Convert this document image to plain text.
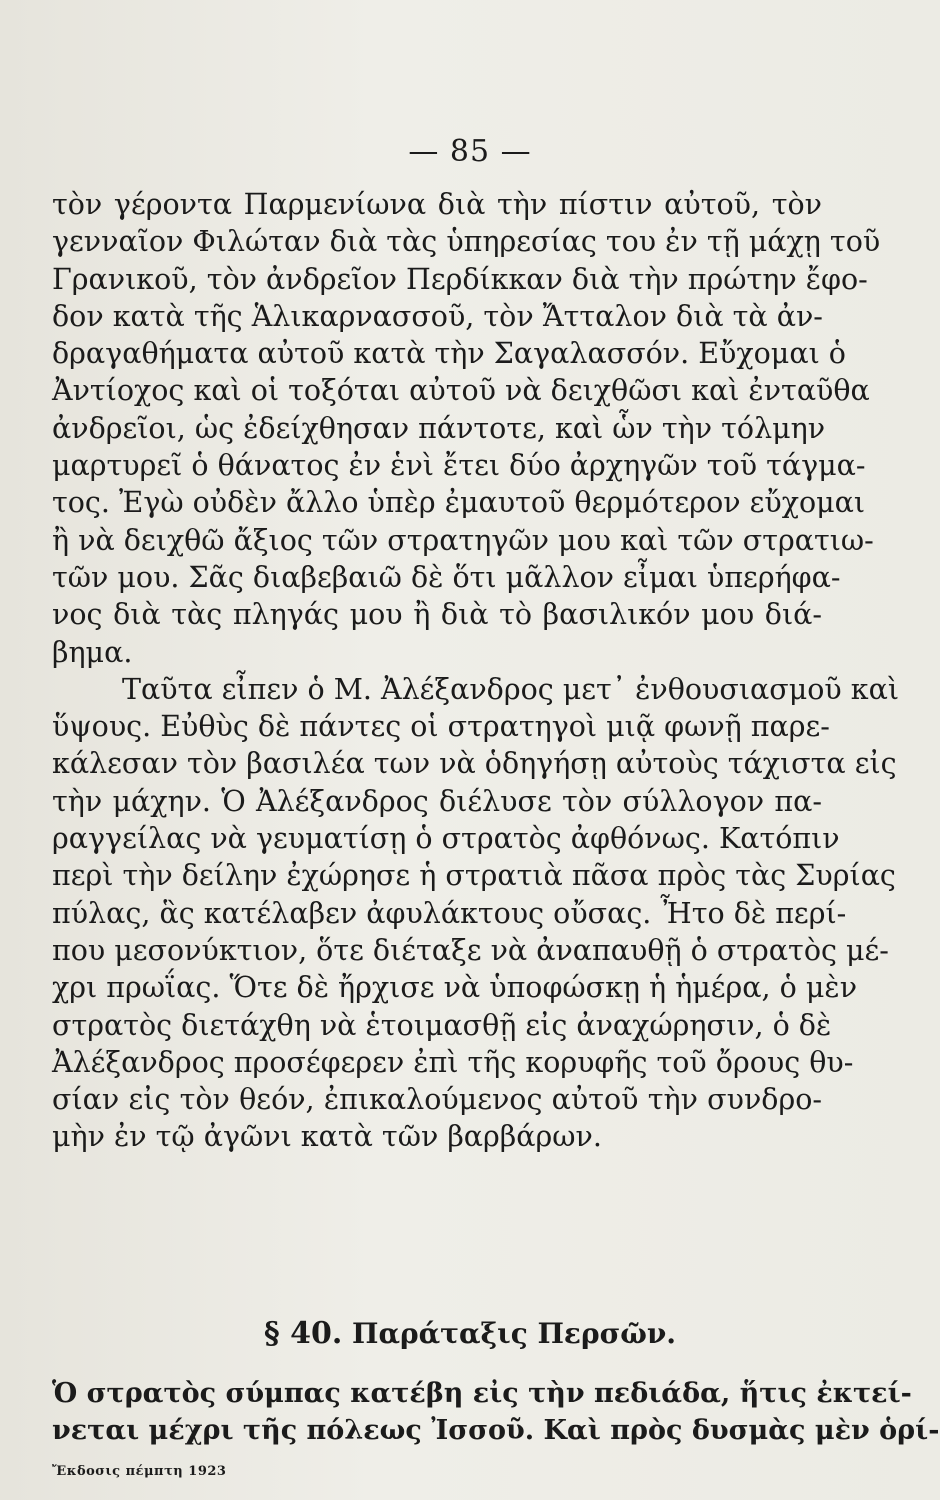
— 85 —
τὸν γέροντα Παρμενίωνα διὰ τὴν πίστιν αὐτοῦ, τὸν
γενναῖον Φιλώταν διὰ τὰς ὑπηρεσίας του ἐν τῇ μάχῃ τοῦ
Γρανικοῦ, τὸν ἀνδρεῖον Περδίκκαν διὰ τὴν πρώτην ἔφο-
δον κατὰ τῆς Ἁλικαρνασσοῦ, τὸν Ἄτταλον διὰ τὰ ἀν-
δραγαθήματα αὐτοῦ κατὰ τὴν Σαγαλασσόν. Εὔχομαι ὁ
Ἀντίοχος καὶ οἱ τοξόται αὐτοῦ νὰ δειχθῶσι καὶ ἐνταῦθα
ἀνδρεῖοι, ὡς ἐδείχθησαν πάντοτε, καὶ ὧν τὴν τόλμην
μαρτυρεῖ ὁ θάνατος ἐν ἑνὶ ἔτει δύο ἀρχηγῶν τοῦ τάγμα-
τος. Ἐγὼ οὐδὲν ἄλλο ὑπὲρ ἐμαυτοῦ θερμότερον εὔχομαι
ἢ νὰ δειχθῶ ἄξιος τῶν στρατηγῶν μου καὶ τῶν στρατιω-
τῶν μου. Σᾶς διαβεβαιῶ δὲ ὅτι μᾶλλον εἶμαι ὑπερήφα-
νος διὰ τὰς πληγάς μου ἢ διὰ τὸ βασιλικόν μου διά-
βημα.
Ταῦτα εἶπεν ὁ Μ. Ἀλέξανδρος μετ᾽ ἐνθουσιασμοῦ καὶ
ὕψους. Εὐθὺς δὲ πάντες οἱ στρατηγοὶ μιᾷ φωνῇ παρε-
κάλεσαν τὸν βασιλέα των νὰ ὁδηγήσῃ αὐτοὺς τάχιστα εἰς
τὴν μάχην. Ὁ Ἀλέξανδρος διέλυσε τὸν σύλλογον πα-
ραγγείλας νὰ γευματίσῃ ὁ στρατὸς ἀφθόνως. Κατόπιν
περὶ τὴν δείλην ἐχώρησε ἡ στρατιὰ πᾶσα πρὸς τὰς Συρίας
πύλας, ἃς κατέλαβεν ἀφυλάκτους οὔσας. Ἦτο δὲ περί-
που μεσονύκτιον, ὅτε διέταξε νὰ ἀναπαυθῇ ὁ στρατὸς μέ-
χρι πρωΐας. Ὅτε δὲ ἤρχισε νὰ ὑποφώσκῃ ἡ ἡμέρα, ὁ μὲν
στρατὸς διετάχθη νὰ ἑτοιμασθῇ εἰς ἀναχώρησιν, ὁ δὲ
Ἀλέξανδρος προσέφερεν ἐπὶ τῆς κορυφῆς τοῦ ὄρους θυ-
σίαν εἰς τὸν θεόν, ἐπικαλούμενος αὐτοῦ τὴν συνδρο-
μὴν ἐν τῷ ἀγῶνι κατὰ τῶν βαρβάρων.
§ 40. Παράταξις Περσῶν.
Ὁ στρατὸς σύμπας κατέβη εἰς τὴν πεδιάδα, ἥτις ἐκτεί-
νεται μέχρι τῆς πόλεως Ἰσσοῦ. Καὶ πρὸς δυσμὰς μὲν ὁρί-
Ἔκδοσις πέμπτη 1923
